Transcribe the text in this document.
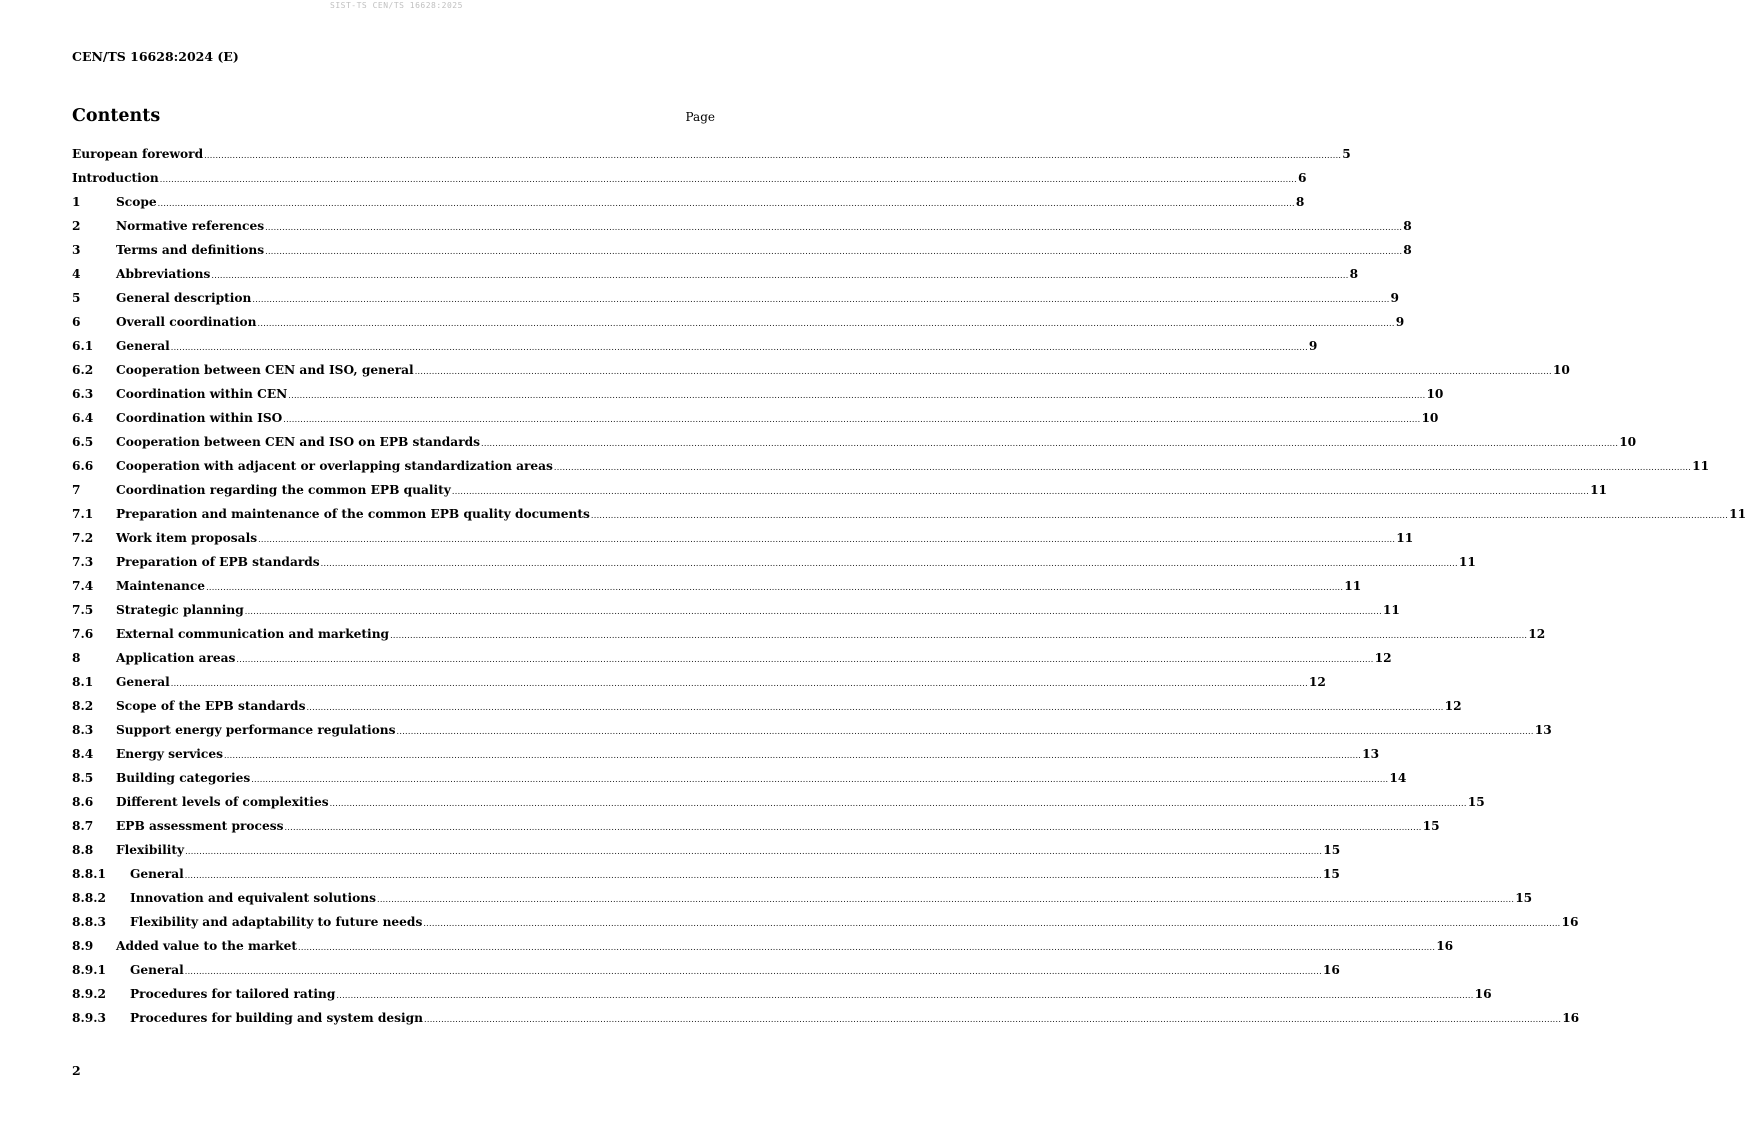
SIST-TS CEN/TS 16628:2025
CEN/TS 16628:2024 (E)
Contents	Page
European foreword ................................................................................................................................................................................................................................................................................................................................................................................................................ 5
Introduction ................................................................................................................................................................................................................................................................................................................................................................................................................ 6
1	Scope ................................................................................................................................................................................................................................................................................................................................................................................................................ 8
2	Normative references ................................................................................................................................................................................................................................................................................................................................................................................................................ 8
3	Terms and definitions ................................................................................................................................................................................................................................................................................................................................................................................................................ 8
4	Abbreviations ................................................................................................................................................................................................................................................................................................................................................................................................................ 8
5	General description ................................................................................................................................................................................................................................................................................................................................................................................................................ 9
6	Overall coordination ................................................................................................................................................................................................................................................................................................................................................................................................................ 9
6.1	General ................................................................................................................................................................................................................................................................................................................................................................................................................ 9
6.2	Cooperation between CEN and ISO, general ................................................................................................................................................................................................................................................................................................................................................................................................................ 10
6.3	Coordination within CEN ................................................................................................................................................................................................................................................................................................................................................................................................................ 10
6.4	Coordination within ISO ................................................................................................................................................................................................................................................................................................................................................................................................................ 10
6.5	Cooperation between CEN and ISO on EPB standards ................................................................................................................................................................................................................................................................................................................................................................................................................ 10
6.6	Cooperation with adjacent or overlapping standardization areas ................................................................................................................................................................................................................................................................................................................................................................................................................ 11
7	Coordination regarding the common EPB quality ................................................................................................................................................................................................................................................................................................................................................................................................................ 11
7.1	Preparation and maintenance of the common EPB quality documents ................................................................................................................................................................................................................................................................................................................................................................................................................ 11
7.2	Work item proposals ................................................................................................................................................................................................................................................................................................................................................................................................................ 11
7.3	Preparation of EPB standards ................................................................................................................................................................................................................................................................................................................................................................................................................ 11
7.4	Maintenance ................................................................................................................................................................................................................................................................................................................................................................................................................ 11
7.5	Strategic planning ................................................................................................................................................................................................................................................................................................................................................................................................................ 11
7.6	External communication and marketing ................................................................................................................................................................................................................................................................................................................................................................................................................ 12
8	Application areas ................................................................................................................................................................................................................................................................................................................................................................................................................ 12
8.1	General ................................................................................................................................................................................................................................................................................................................................................................................................................ 12
8.2	Scope of the EPB standards ................................................................................................................................................................................................................................................................................................................................................................................................................ 12
8.3	Support energy performance regulations ................................................................................................................................................................................................................................................................................................................................................................................................................ 13
8.4	Energy services ................................................................................................................................................................................................................................................................................................................................................................................................................ 13
8.5	Building categories ................................................................................................................................................................................................................................................................................................................................................................................................................ 14
8.6	Different levels of complexities ................................................................................................................................................................................................................................................................................................................................................................................................................ 15
8.7	EPB assessment process ................................................................................................................................................................................................................................................................................................................................................................................................................ 15
8.8	Flexibility ................................................................................................................................................................................................................................................................................................................................................................................................................ 15
8.8.1	General ................................................................................................................................................................................................................................................................................................................................................................................................................ 15
8.8.2	Innovation and equivalent solutions ................................................................................................................................................................................................................................................................................................................................................................................................................ 15
8.8.3	Flexibility and adaptability to future needs ................................................................................................................................................................................................................................................................................................................................................................................................................ 16
8.9	Added value to the market ................................................................................................................................................................................................................................................................................................................................................................................................................ 16
8.9.1	General ................................................................................................................................................................................................................................................................................................................................................................................................................ 16
8.9.2	Procedures for tailored rating ................................................................................................................................................................................................................................................................................................................................................................................................................ 16
8.9.3	Procedures for building and system design ................................................................................................................................................................................................................................................................................................................................................................................................................ 16
2
